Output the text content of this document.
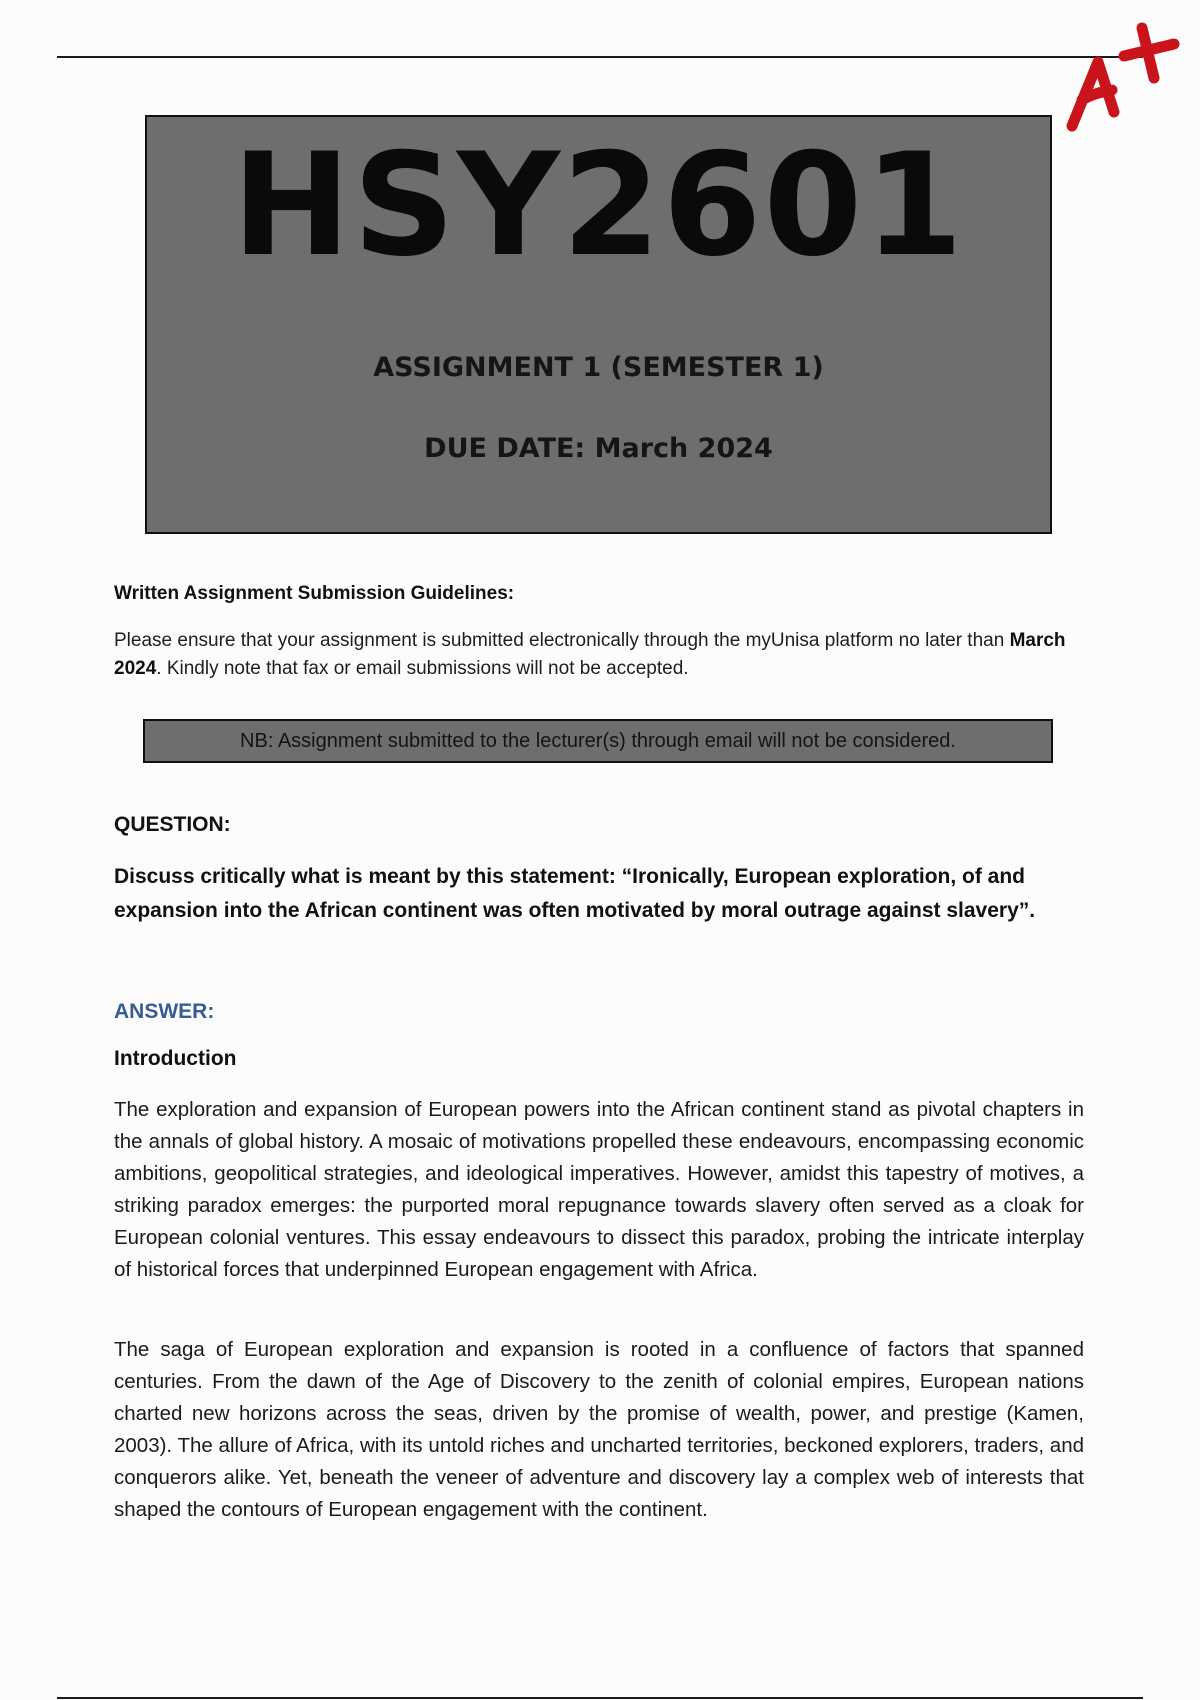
HSY2601
ASSIGNMENT 1 (SEMESTER 1)
DUE DATE: March 2024
Written Assignment Submission Guidelines:
Please ensure that your assignment is submitted electronically through the myUnisa platform no later than March 2024. Kindly note that fax or email submissions will not be accepted.
NB: Assignment submitted to the lecturer(s) through email will not be considered.
QUESTION:
Discuss critically what is meant by this statement: “Ironically, European exploration, of and expansion into the African continent was often motivated by moral outrage against slavery”.
ANSWER:
Introduction
The exploration and expansion of European powers into the African continent stand as pivotal chapters in the annals of global history. A mosaic of motivations propelled these endeavours, encompassing economic ambitions, geopolitical strategies, and ideological imperatives. However, amidst this tapestry of motives, a striking paradox emerges: the purported moral repugnance towards slavery often served as a cloak for European colonial ventures. This essay endeavours to dissect this paradox, probing the intricate interplay of historical forces that underpinned European engagement with Africa.
The saga of European exploration and expansion is rooted in a confluence of factors that spanned centuries. From the dawn of the Age of Discovery to the zenith of colonial empires, European nations charted new horizons across the seas, driven by the promise of wealth, power, and prestige (Kamen, 2003). The allure of Africa, with its untold riches and uncharted territories, beckoned explorers, traders, and conquerors alike. Yet, beneath the veneer of adventure and discovery lay a complex web of interests that shaped the contours of European engagement with the continent.
